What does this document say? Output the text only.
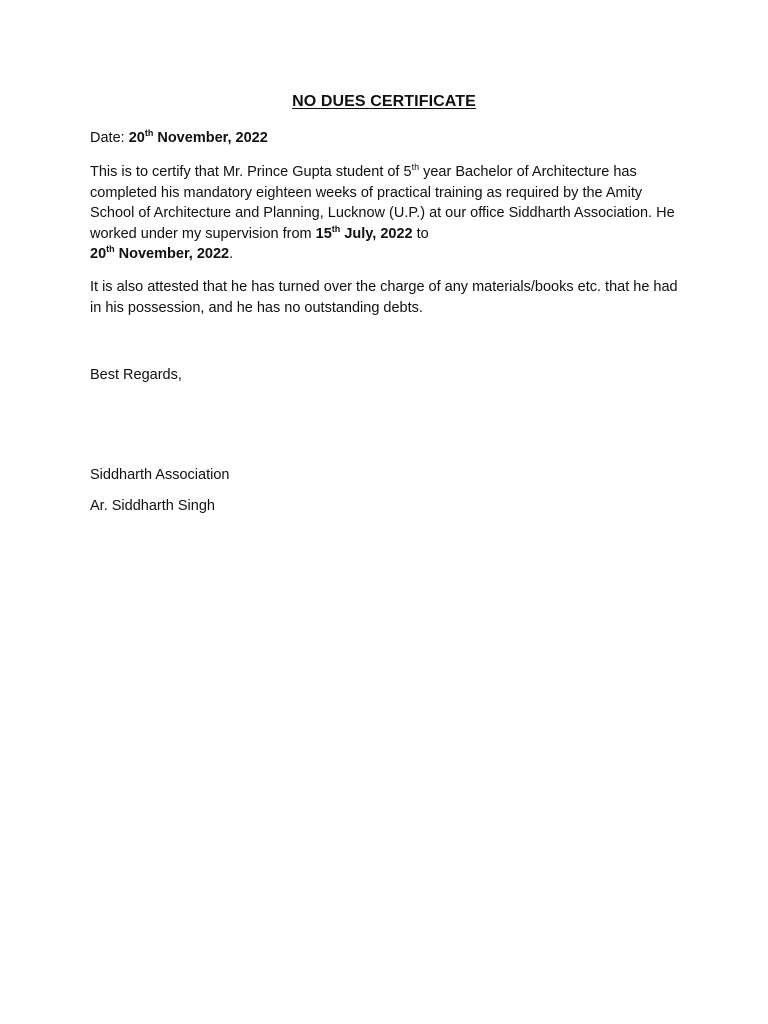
NO DUES CERTIFICATE

Date: 20th November, 2022

This is to certify that Mr. Prince Gupta student of 5th year Bachelor of Architecture has completed his mandatory eighteen weeks of practical training as required by the Amity School of Architecture and Planning, Lucknow (U.P.) at our office Siddharth Association. He worked under my supervision from 15th July, 2022 to
20th November, 2022.

It is also attested that he has turned over the charge of any materials/books etc. that he had in his possession, and he has no outstanding debts.

Best Regards,

Siddharth Association

Ar. Siddharth Singh
